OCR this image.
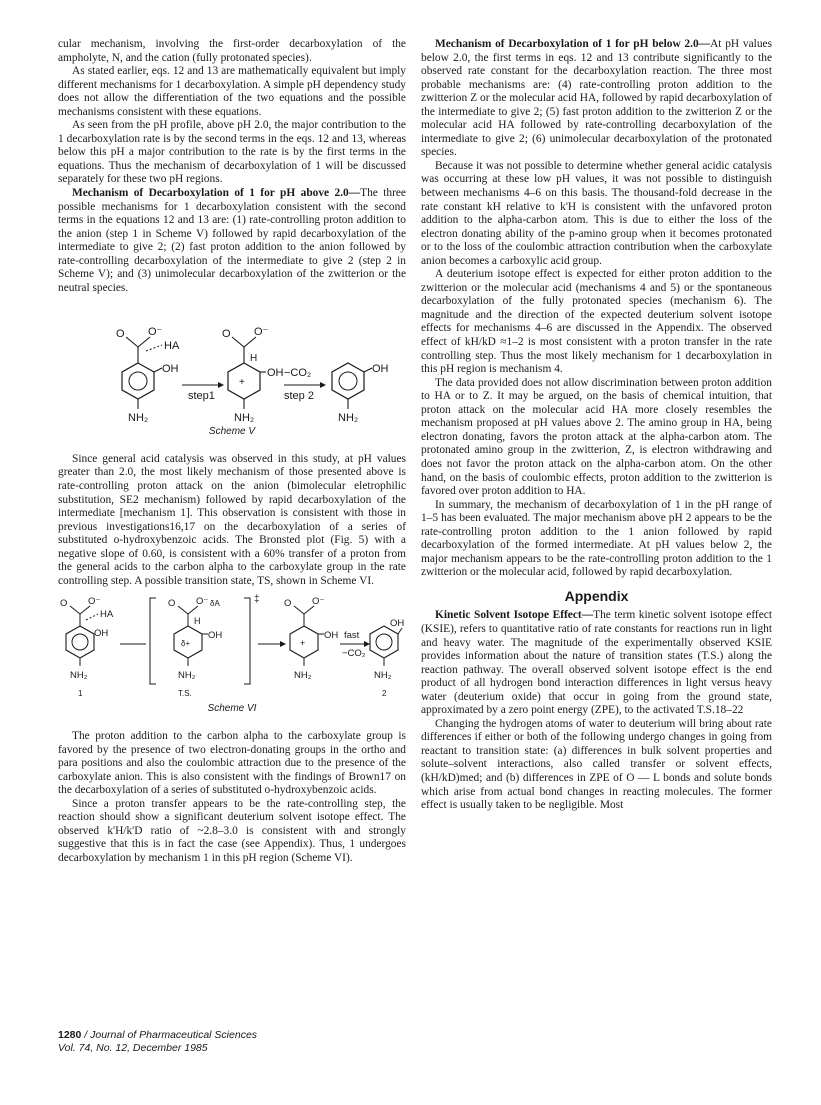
cular mechanism, involving the first-order decarboxylation of the ampholyte, N, and the cation (fully protonated species).

As stated earlier, eqs. 12 and 13 are mathematically equivalent but imply different mechanisms for 1 decarboxylation. A simple pH dependency study does not allow the differentiation of the two equations and the possible mechanisms consistent with these equations.

As seen from the pH profile, above pH 2.0, the major contribution to the 1 decarboxylation rate is by the second terms in the eqs. 12 and 13, whereas below this pH a major contribution to the rate is by the first terms in the equations. Thus the mechanism of decarboxylation of 1 will be discussed separately for these two pH regions.

Mechanism of Decarboxylation of 1 for pH above 2.0—The three possible mechanisms for 1 decarboxylation consistent with the second terms in the equations 12 and 13 are: (1) rate-controlling proton addition to the anion (step 1 in Scheme V) followed by rapid decarboxylation of the intermediate to give 2; (2) fast proton addition to the anion followed by rate-controlling decarboxylation of the intermediate to give 2 (step 2 in Scheme V); and (3) unimolecular decarboxylation of the zwitterion or the neutral species.

O O⁻
HA
OH
NH₂
step1
O O⁻
H
+
OH
NH₂
−CO₂
step 2
OH
NH₂
Scheme V

Since general acid catalysis was observed in this study, at pH values greater than 2.0, the most likely mechanism of those presented above is rate-controlling proton attack on the anion (bimolecular eletrophilic substitution, SE2 mechanism) followed by rapid decarboxylation of the intermediate [mechanism 1]. This observation is consistent with those in previous investigations16,17 on the decarboxylation of a series of substituted o-hydroxybenzoic acids. The Bronsted plot (Fig. 5) with a negative slope of 0.60, is consistent with a 60% transfer of a proton from the general acids to the carbon alpha to the carboxylate group in the rate controlling step. A possible transition state, TS, shown in Scheme VI.

O O⁻
HA
OH
NH₂
1
O O⁻ δA
H
δ+
OH
NH₂
T.S.
‡	O O⁻
+
OH
NH₂
fast
−CO₂
OH
NH₂
2
Scheme VI

The proton addition to the carbon alpha to the carboxylate group is favored by the presence of two electron-donating groups in the ortho and para positions and also the coulombic attraction due to the presence of the carboxylate anion. This is also consistent with the findings of Brown17 on the decarboxylation of a series of substituted o-hydroxybenzoic acids.

Since a proton transfer appears to be the rate-controlling step, the reaction should show a significant deuterium solvent isotope effect. The observed k'H/k'D ratio of ~2.8–3.0 is consistent with and strongly suggestive that this is in fact the case (see Appendix). Thus, 1 undergoes decarboxylation by mechanism 1 in this pH region (Scheme VI).

Mechanism of Decarboxylation of 1 for pH below 2.0—At pH values below 2.0, the first terms in eqs. 12 and 13 contribute significantly to the observed rate constant for the decarboxylation reaction. The three most probable mechanisms are: (4) rate-controlling proton addition to the zwitterion Z or the molecular acid HA, followed by rapid decarboxylation of the intermediate to give 2; (5) fast proton addition to the zwitterion Z or the molecular acid HA followed by rate-controlling decarboxylation of the intermediate to give 2; (6) unimolecular decarboxylation of the protonated species.

Because it was not possible to determine whether general acidic catalysis was occurring at these low pH values, it was not possible to distinguish between mechanisms 4–6 on this basis. The thousand-fold decrease in the rate constant kH relative to k'H is consistent with the unfavored proton addition to the alpha-carbon atom. This is due to either the loss of the electron donating ability of the p-amino group when it becomes protonated or to the loss of the coulombic attraction contribution when the carboxylate anion becomes a carboxylic acid group.

A deuterium isotope effect is expected for either proton addition to the zwitterion or the molecular acid (mechanisms 4 and 5) or the spontaneous decarboxylation of the fully protonated species (mechanism 6). The magnitude and the direction of the expected deuterium solvent isotope effects for mechanisms 4–6 are discussed in the Appendix. The observed effect of kH/kD ≈1–2 is most consistent with a proton transfer in the rate controlling step. Thus the most likely mechanism for 1 decarboxylation in this pH region is mechanism 4.

The data provided does not allow discrimination between proton addition to HA or to Z. It may be argued, on the basis of chemical intuition, that proton attack on the molecular acid HA more closely resembles the mechanism proposed at pH values above 2. The amino group in HA, being electron donating, favors the proton attack at the alpha-carbon atom. The protonated amino group in the zwitterion, Z, is electron withdrawing and does not favor the proton attack on the alpha-carbon atom. On the other hand, on the basis of coulombic effects, proton addition to the zwitterion is favored over proton addition to HA.

In summary, the mechanism of decarboxylation of 1 in the pH range of 1–5 has been evaluated. The major mechanism above pH 2 appears to be the rate-controlling proton addition to the 1 anion followed by rapid decarboxylation of the formed intermediate. At pH values below 2, the major mechanism appears to be the rate-controlling proton addition to the 1 zwitterion or the molecular acid, followed by rapid decarboxylation.

Appendix

Kinetic Solvent Isotope Effect—The term kinetic solvent isotope effect (KSIE), refers to quantitative ratio of rate constants for reactions run in light and heavy water. The magnitude of the experimentally observed KSIE provides information about the nature of transition states (T.S.) along the reaction pathway. The overall observed solvent isotope effect is the end product of all hydrogen bond interaction differences in light versus heavy water (deuterium oxide) that occur in going from the ground state, approximated by a zero point energy (ZPE), to the activated T.S.18–22

Changing the hydrogen atoms of water to deuterium will bring about rate differences if either or both of the following undergo changes in going from reactant to transition state: (a) differences in bulk solvent properties and solute–solvent interactions, also called transfer or solvent effects, (kH/kD)med; and (b) differences in ZPE of O — L bonds and solute bonds which arise from actual bond changes in reacting molecules. The former effect is usually taken to be negligible. Most

1280 / Journal of Pharmaceutical Sciences
Vol. 74, No. 12, December 1985
